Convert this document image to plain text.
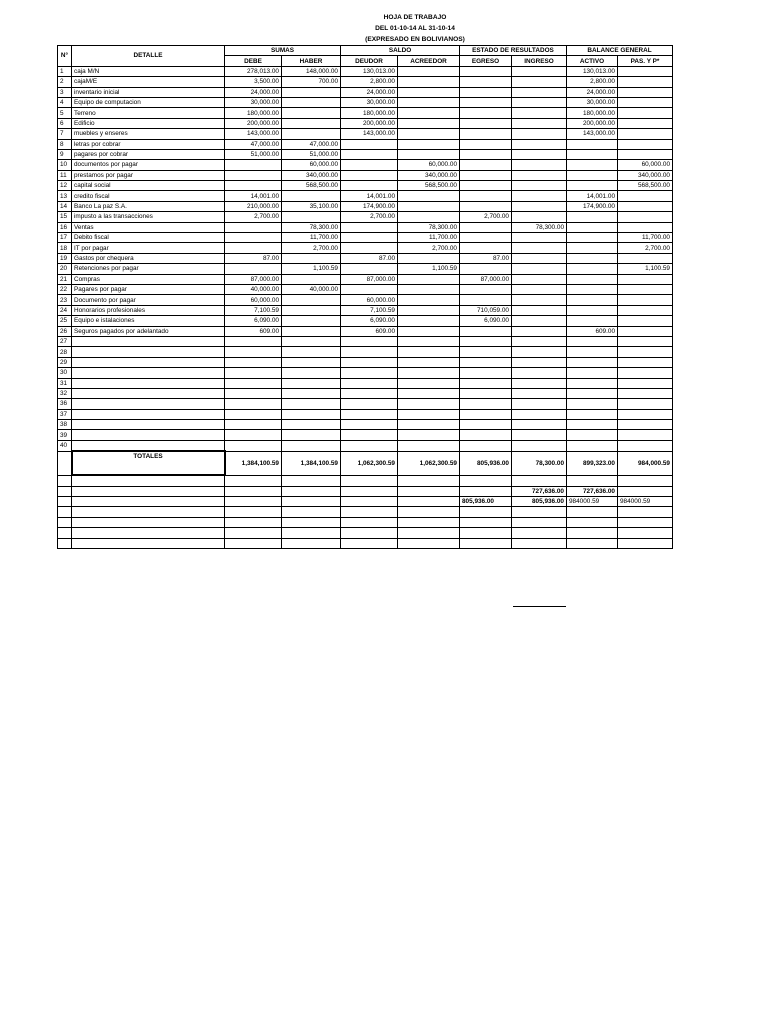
HOJA DE TRABAJO
DEL 01-10-14 AL 31-10-14
(EXPRESADO EN BOLIVIANOS)
N°	DETALLE	SUMAS		SALDO		ESTADO DE RESULTADOS		BALANCE GENERAL	
		DEBE	HABER	DEUDOR	ACREEDOR	EGRESO	INGRESO	ACTIVO	PAS. Y P*
1	caja M/N	278,013.00	148,000.00	130,013.00				130,013.00	
2	cajaM/E	3,500.00	700.00	2,800.00				2,800.00	
3	inventario inicial	24,000.00		24,000.00				24,000.00	
4	Equipo de computacion	30,000.00		30,000.00				30,000.00	
5	Terreno	180,000.00		180,000.00				180,000.00	
6	Edificio	200,000.00		200,000.00				200,000.00	
7	muebles y enseres	143,000.00		143,000.00				143,000.00	
8	letras por cobrar	47,000.00	47,000.00						
9	pagares por cobrar	51,000.00	51,000.00						
10	documentos por pagar		60,000.00		60,000.00				60,000.00
11	prestamos por pagar		340,000.00		340,000.00				340,000.00
12	capital social		568,500.00		568,500.00				568,500.00
13	credito fiscal	14,001.00		14,001.00				14,001.00	
14	Banco La paz S.A.	210,000.00	35,100.00	174,900.00				174,900.00	
15	impusto a las transacciones	2,700.00		2,700.00		2,700.00			
16	Ventas		78,300.00		78,300.00		78,300.00		
17	Debito fiscal		11,700.00		11,700.00				11,700.00
18	IT por pagar		2,700.00		2,700.00				2,700.00
19	Gastos por chequera	87.00		87.00		87.00			
20	Retenciones por pagar		1,100.59		1,100.59				1,100.59
21	Compras	87,000.00		87,000.00		87,000.00			
22	Pagares por pagar	40,000.00	40,000.00						
23	Documento por pagar	60,000.00		60,000.00					
24	Honorarios profesionales	7,100.59		7,100.59		710,059.00			
25	Equipo e istalaciones	6,090.00		6,090.00		6,090.00			
26	Seguros pagados por adelantado	609.00		609.00				609.00	
27									
28									
29									
30									
31									
32									
36									
37									
38									
39									
40									
	TOTALES	1,384,100.59	1,384,100.59	1,062,300.59	1,062,300.59	805,936.00	78,300.00	899,323.00	984,000.59

							727,636.00	727,636.00	
						805,936.00	805,936.00	984000.59	984000.59
